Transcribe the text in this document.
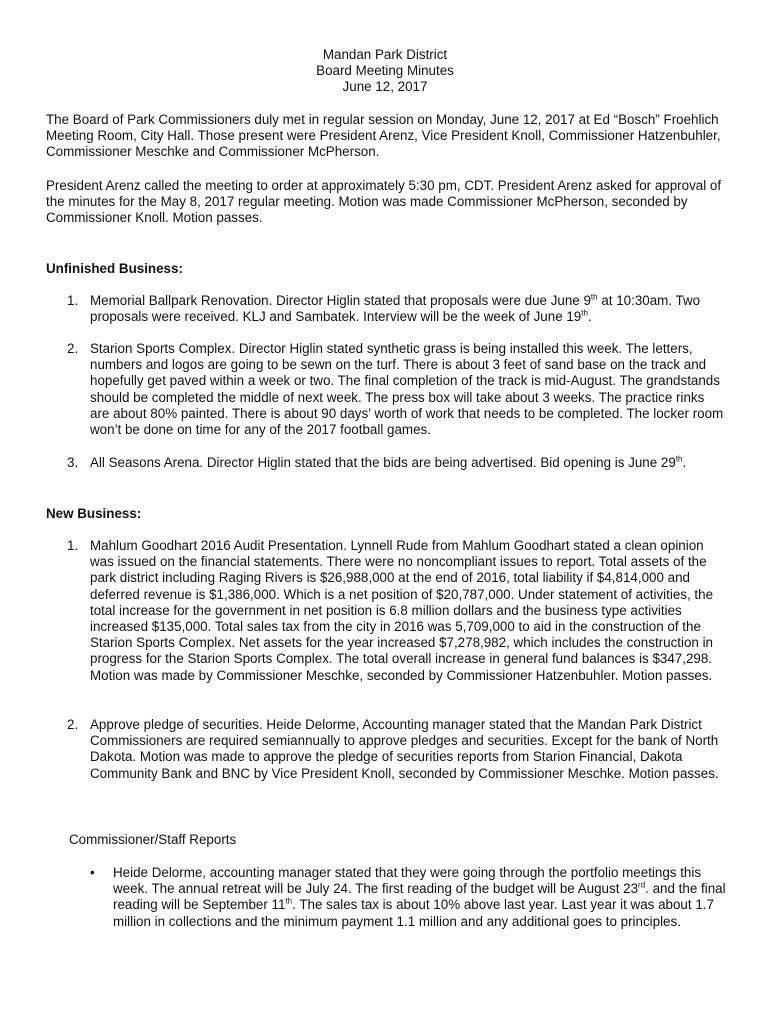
Mandan Park District
Board Meeting Minutes
June 12, 2017
The Board of Park Commissioners duly met in regular session on Monday, June 12, 2017 at Ed “Bosch” Froehlich Meeting Room, City Hall. Those present were President Arenz, Vice President Knoll, Commissioner Hatzenbuhler, Commissioner Meschke and Commissioner McPherson.
President Arenz called the meeting to order at approximately 5:30 pm, CDT. President Arenz asked for approval of the minutes for the May 8, 2017 regular meeting. Motion was made Commissioner McPherson, seconded by Commissioner Knoll. Motion passes.
Unfinished Business:
1. Memorial Ballpark Renovation. Director Higlin stated that proposals were due June 9th at 10:30am. Two proposals were received. KLJ and Sambatek. Interview will be the week of June 19th.
2. Starion Sports Complex. Director Higlin stated synthetic grass is being installed this week. The letters, numbers and logos are going to be sewn on the turf. There is about 3 feet of sand base on the track and hopefully get paved within a week or two. The final completion of the track is mid-August. The grandstands should be completed the middle of next week. The press box will take about 3 weeks. The practice rinks are about 80% painted. There is about 90 days’ worth of work that needs to be completed. The locker room won’t be done on time for any of the 2017 football games.
3. All Seasons Arena. Director Higlin stated that the bids are being advertised. Bid opening is June 29th.
New Business:
1. Mahlum Goodhart 2016 Audit Presentation. Lynnell Rude from Mahlum Goodhart stated a clean opinion was issued on the financial statements. There were no noncompliant issues to report. Total assets of the park district including Raging Rivers is $26,988,000 at the end of 2016, total liability if $4,814,000 and deferred revenue is $1,386,000. Which is a net position of $20,787,000. Under statement of activities, the total increase for the government in net position is 6.8 million dollars and the business type activities increased $135,000. Total sales tax from the city in 2016 was 5,709,000 to aid in the construction of the Starion Sports Complex. Net assets for the year increased $7,278,982, which includes the construction in progress for the Starion Sports Complex. The total overall increase in general fund balances is $347,298. Motion was made by Commissioner Meschke, seconded by Commissioner Hatzenbuhler. Motion passes.
2. Approve pledge of securities. Heide Delorme, Accounting manager stated that the Mandan Park District Commissioners are required semiannually to approve pledges and securities. Except for the bank of North Dakota. Motion was made to approve the pledge of securities reports from Starion Financial, Dakota Community Bank and BNC by Vice President Knoll, seconded by Commissioner Meschke. Motion passes.
Commissioner/Staff Reports
• Heide Delorme, accounting manager stated that they were going through the portfolio meetings this week. The annual retreat will be July 24. The first reading of the budget will be August 23rd. and the final reading will be September 11th. The sales tax is about 10% above last year. Last year it was about 1.7 million in collections and the minimum payment 1.1 million and any additional goes to principles.
